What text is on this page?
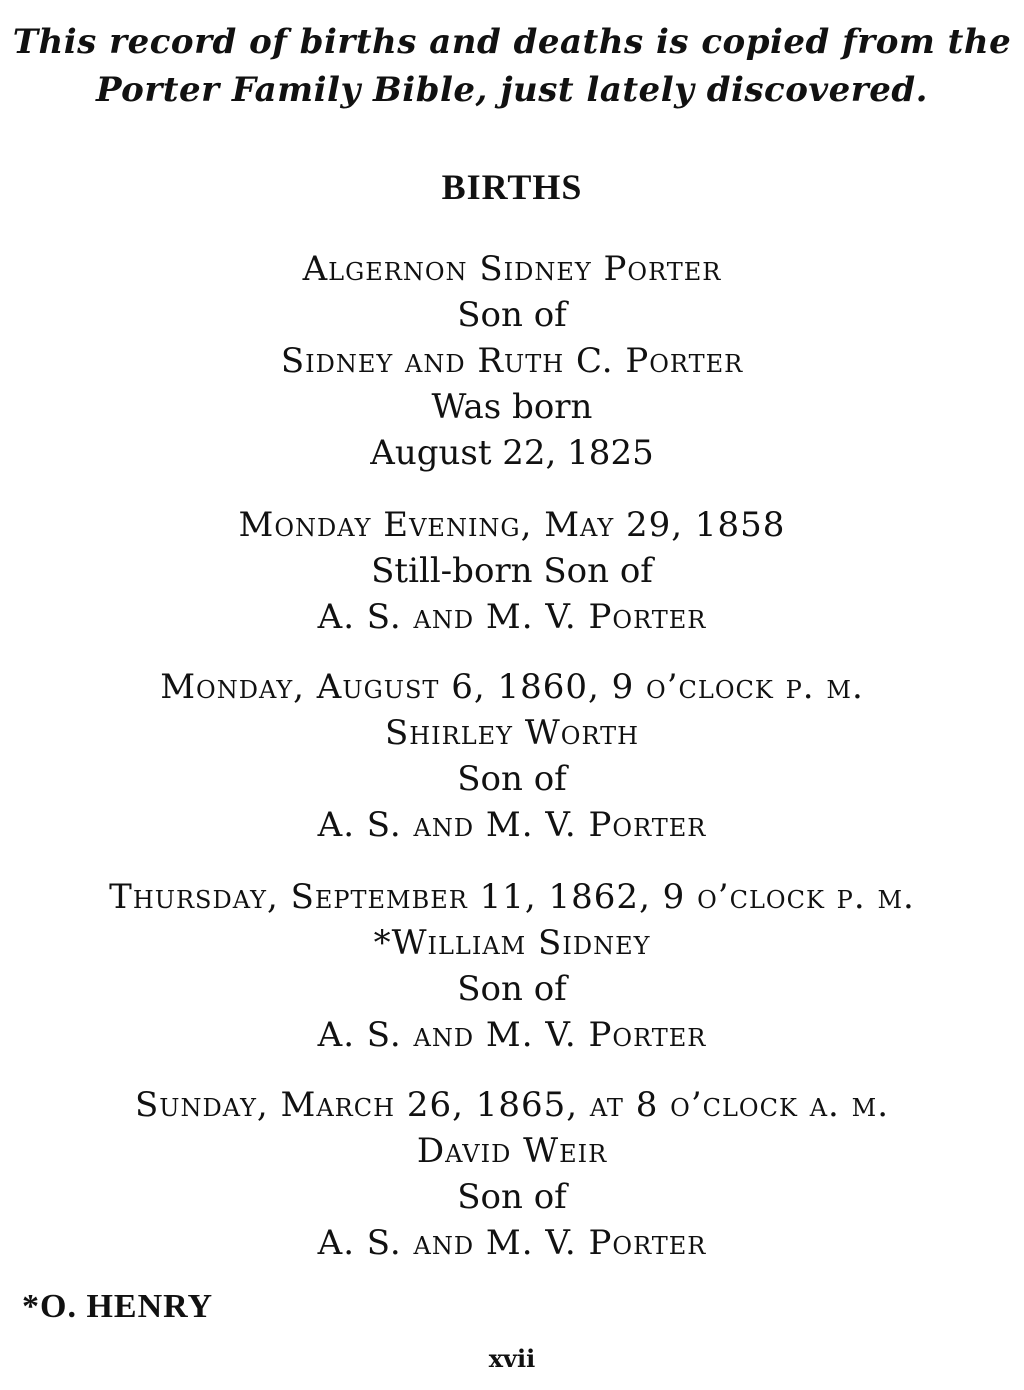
This record of births and deaths is copied from the
Porter Family Bible, just lately discovered.
BIRTHS
Algernon Sidney Porter
Son of
Sidney and Ruth C. Porter
Was born
August 22, 1825
Monday Evening, May 29, 1858
Still-born Son of
A. S. and M. V. Porter
Monday, August 6, 1860, 9 o’clock p. m.
Shirley Worth
Son of
A. S. and M. V. Porter
Thursday, September 11, 1862, 9 o’clock p. m.
*William Sidney
Son of
A. S. and M. V. Porter
Sunday, March 26, 1865, at 8 o’clock a. m.
David Weir
Son of
A. S. and M. V. Porter
*O. HENRY
xvii
